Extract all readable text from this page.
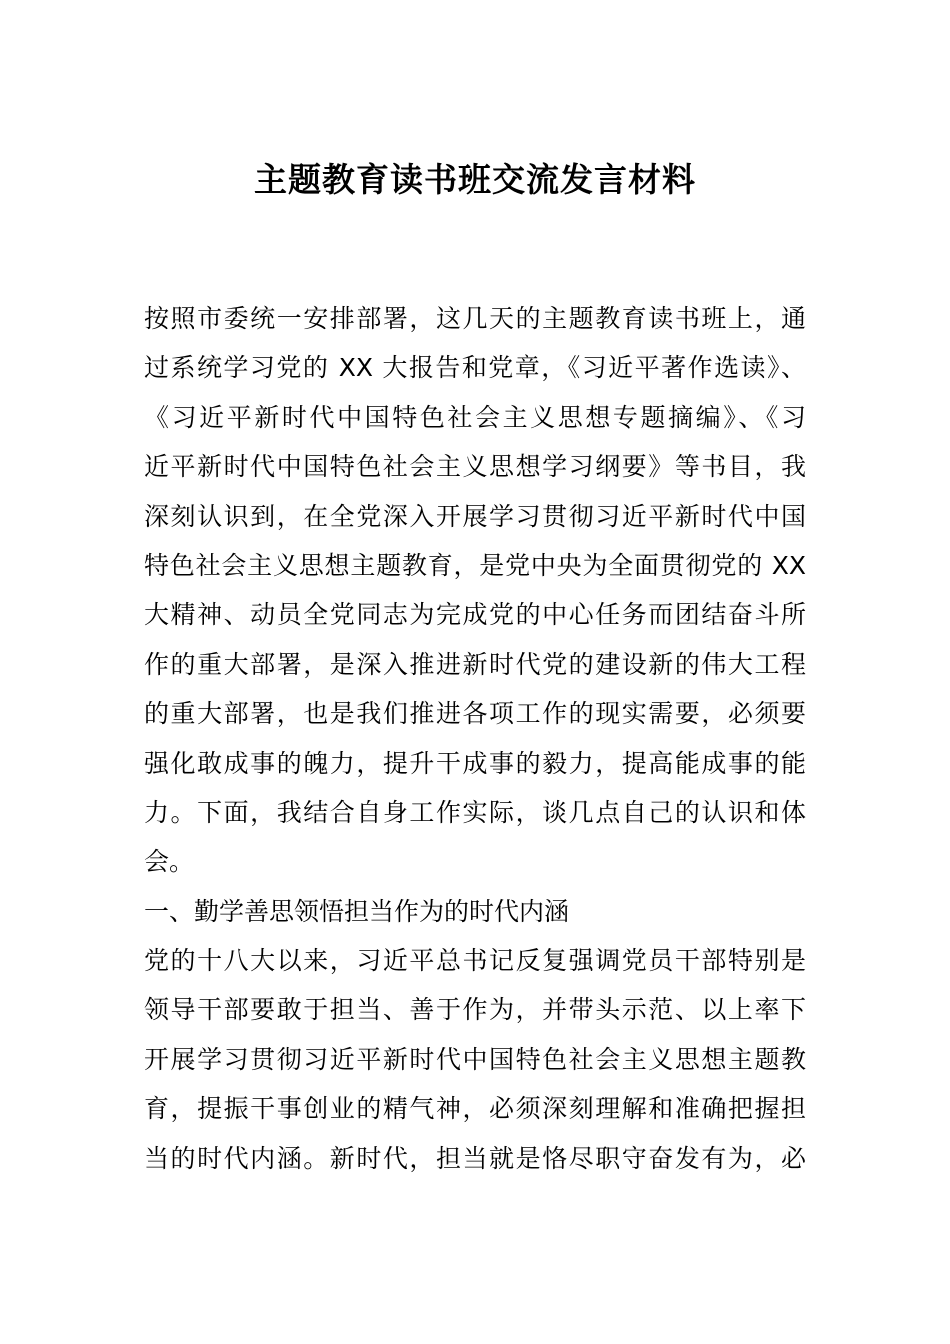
主题教育读书班交流发言材料
按照市委统一安排部署，这几天的主题教育读书班上，通
过系统学习党的 XX 大报告和党章，《习近平著作选读》、
《习近平新时代中国特色社会主义思想专题摘编》、《习
近平新时代中国特色社会主义思想学习纲要》等书目，我
深刻认识到，在全党深入开展学习贯彻习近平新时代中国
特色社会主义思想主题教育，是党中央为全面贯彻党的 XX
大精神、动员全党同志为完成党的中心任务而团结奋斗所
作的重大部署，是深入推进新时代党的建设新的伟大工程
的重大部署，也是我们推进各项工作的现实需要，必须要
强化敢成事的魄力，提升干成事的毅力，提高能成事的能
力。下面，我结合自身工作实际，谈几点自己的认识和体
会。
一、勤学善思领悟担当作为的时代内涵
党的十八大以来，习近平总书记反复强调党员干部特别是
领导干部要敢于担当、善于作为，并带头示范、以上率下
开展学习贯彻习近平新时代中国特色社会主义思想主题教
育，提振干事创业的精气神，必须深刻理解和准确把握担
当的时代内涵。新时代，担当就是恪尽职守奋发有为，必
